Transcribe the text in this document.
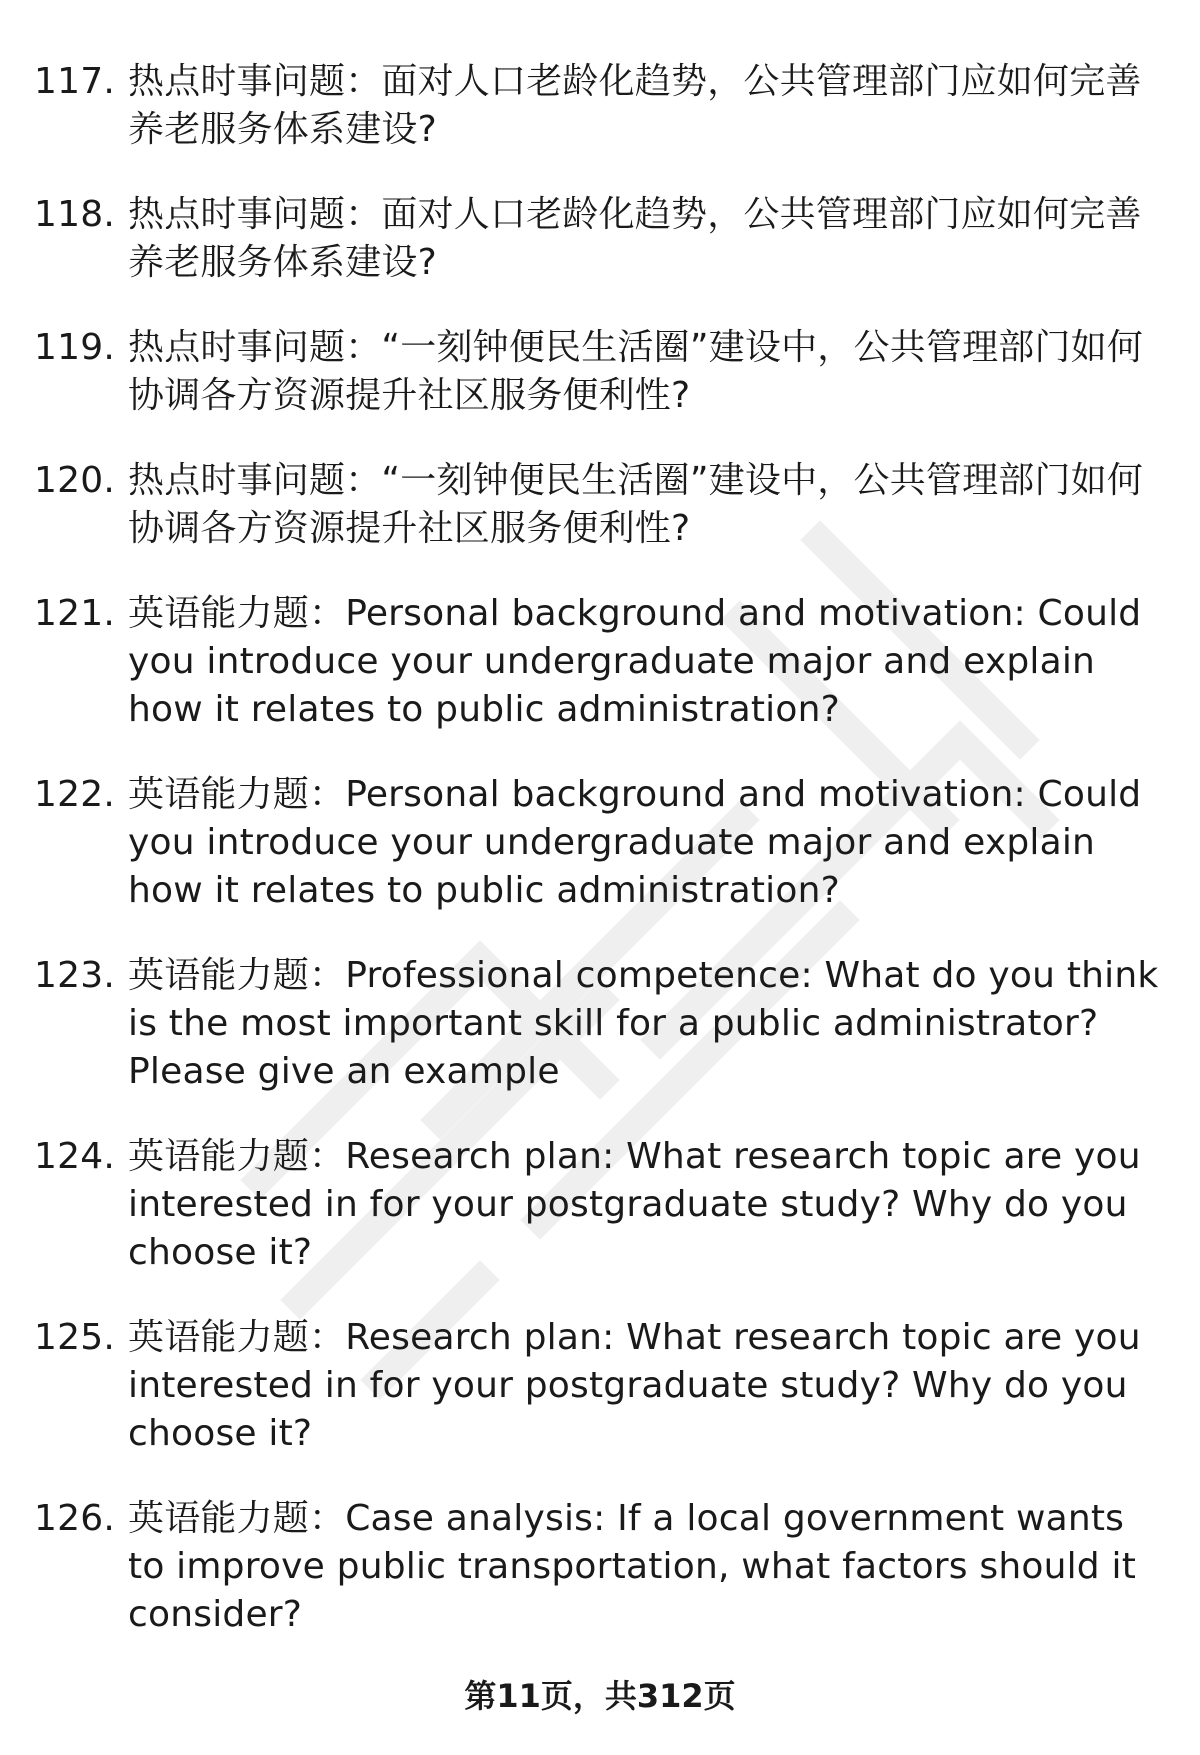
117. 热点时事问题：面对人口老龄化趋势，公共管理部门应如何完善养老服务体系建设?
118. 热点时事问题：面对人口老龄化趋势，公共管理部门应如何完善养老服务体系建设?
119. 热点时事问题：“一刻钟便民生活圈”建设中，公共管理部门如何协调各方资源提升社区服务便利性?
120. 热点时事问题：“一刻钟便民生活圈”建设中，公共管理部门如何协调各方资源提升社区服务便利性?
121. 英语能力题：Personal background and motivation: Could you introduce your undergraduate major and explain how it relates to public administration?
122. 英语能力题：Personal background and motivation: Could you introduce your undergraduate major and explain how it relates to public administration?
123. 英语能力题：Professional competence: What do you think is the most important skill for a public administrator? Please give an example
124. 英语能力题：Research plan: What research topic are you interested in for your postgraduate study? Why do you choose it?
125. 英语能力题：Research plan: What research topic are you interested in for your postgraduate study? Why do you choose it?
126. 英语能力题：Case analysis: If a local government wants to improve public transportation, what factors should it consider?
第11页，共312页
